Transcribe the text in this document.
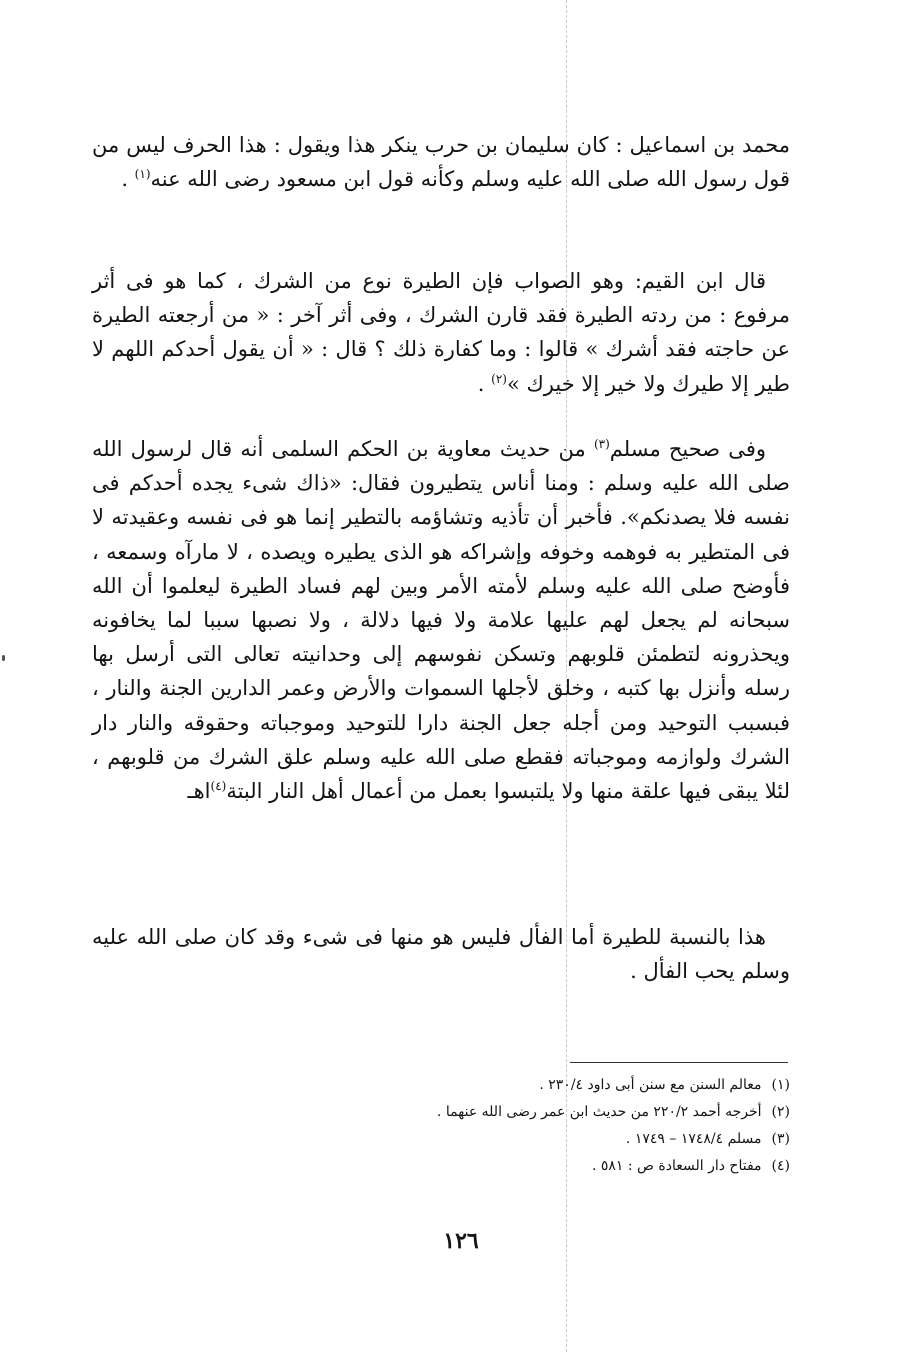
محمد بن اسماعيل : كان سليمان بن حرب ينكر هذا ويقول : هذا الحرف ليس من قول رسول الله صلى الله عليه وسلم وكأنه قول ابن مسعود رضى الله عنه$^{(١)}$ .

قال ابن القيم: وهو الصواب فإن الطيرة نوع من الشرك ، كما هو فى أثر مرفوع : من ردته الطيرة فقد قارن الشرك ، وفى أثر آخر : « من أرجعته الطيرة عن حاجته فقد أشرك » قالوا : وما كفارة ذلك ؟ قال : « أن يقول أحدكم اللهم لا طير إلا طيرك ولا خير إلا خيرك »$^{(٢)}$ .

وفى صحيح مسلم$^{(٣)}$ من حديث معاوية بن الحكم السلمى أنه قال لرسول الله صلى الله عليه وسلم : ومنا أناس يتطيرون فقال: «ذاك شىء يجده أحدكم فى نفسه فلا يصدنكم». فأخبر أن تأذيه وتشاؤمه بالتطير إنما هو فى نفسه وعقيدته لا فى المتطير به فوهمه وخوفه وإشراكه هو الذى يطيره ويصده ، لا مارآه وسمعه ، فأوضح صلى الله عليه وسلم لأمته الأمر وبين لهم فساد الطيرة ليعلموا أن الله سبحانه لم يجعل لهم عليها علامة ولا فيها دلالة ، ولا نصبها سببا لما يخافونه ويحذرونه لتطمئن قلوبهم وتسكن نفوسهم إلى وحدانيته تعالى التى أرسل بها رسله وأنزل بها كتبه ، وخلق لأجلها السموات والأرض وعمر الدارين الجنة والنار ، فبسبب التوحيد ومن أجله جعل الجنة دارا للتوحيد وموجباته وحقوقه والنار دار الشرك ولوازمه وموجباته فقطع صلى الله عليه وسلم علق الشرك من قلوبهم ، لئلا يبقى فيها علقة منها ولا يلتبسوا بعمل من أعمال أهل النار البتة$^{(٤)}$اهـ

هذا بالنسبة للطيرة أما الفأل فليس هو منها فى شىء وقد كان صلى الله عليه وسلم يحب الفأل .

(١)معالم السنن مع سنن أبى داود ٢٣٠/٤ .

(٢)أخرجه أحمد ٢٢٠/٢ من حديث ابن عمر رضى الله عنهما .

(٣)مسلم ١٧٤٨/٤ – ١٧٤٩ .

(٤)مفتاح دار السعادة ص : ٥٨١ .

١٢٦
